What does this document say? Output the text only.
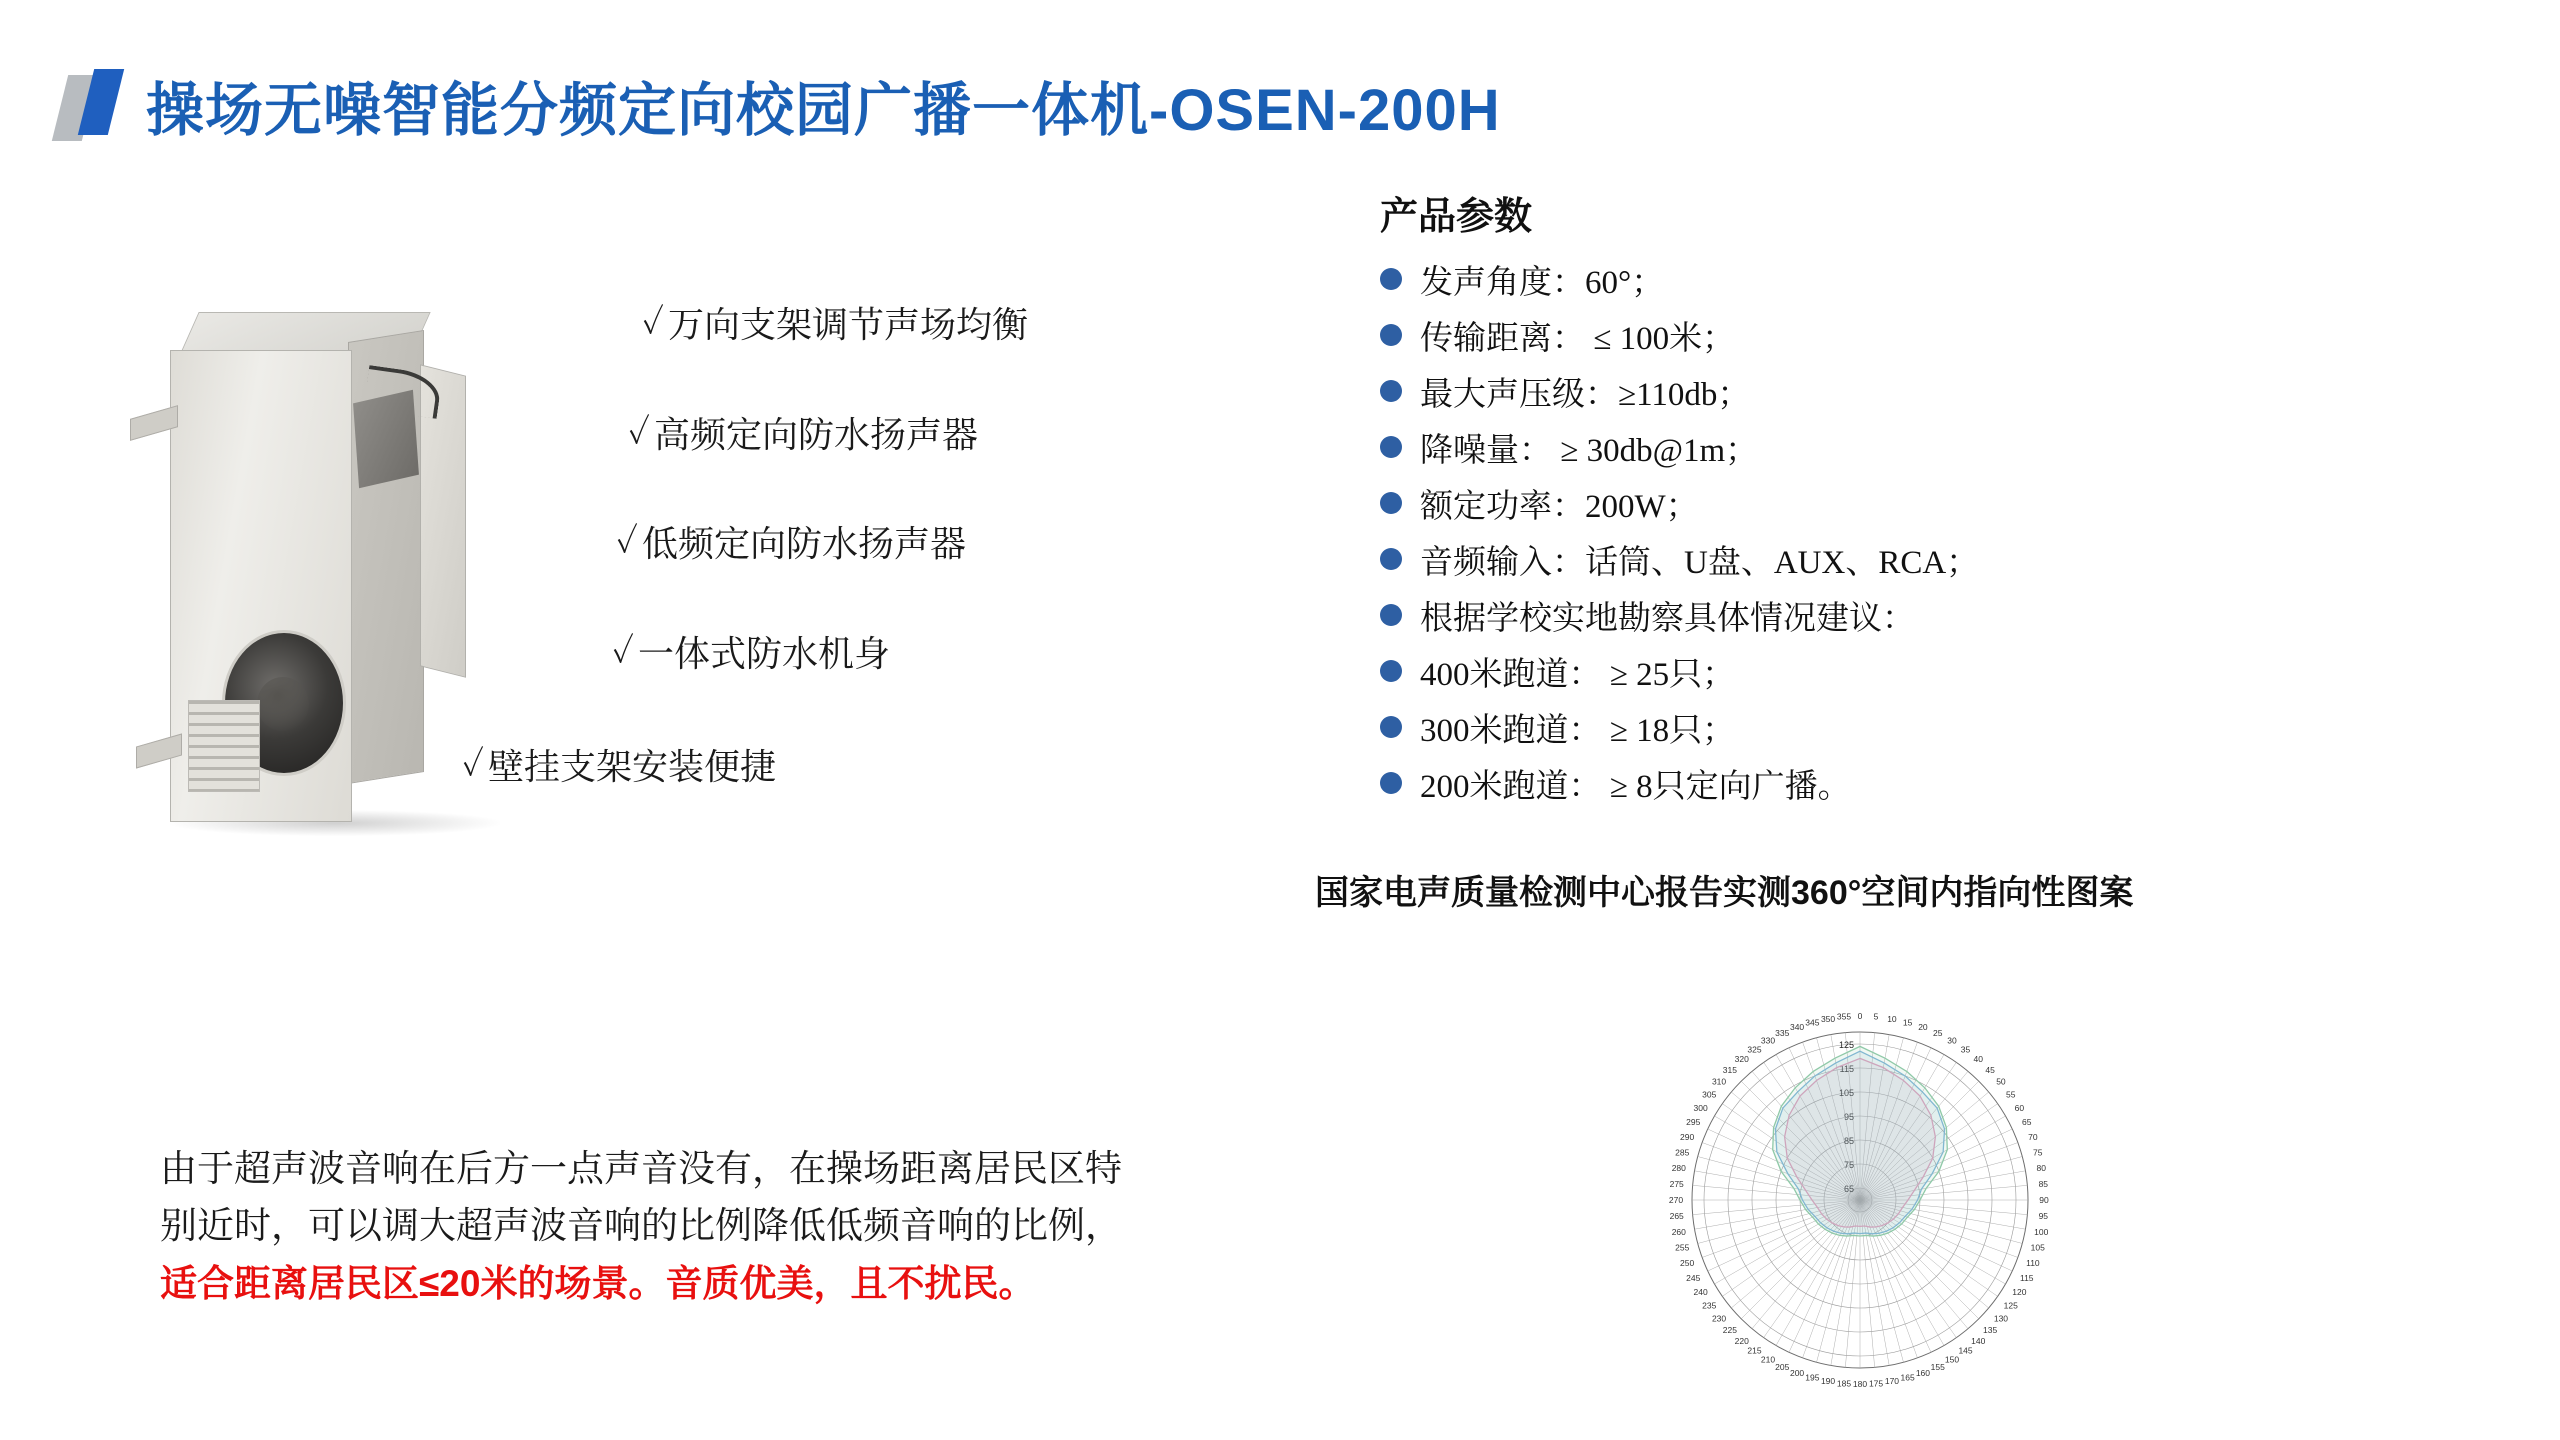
操场无噪智能分频定向校园广播一体机-OSEN-200H
✓ 万向支架调节声场均衡
✓ 高频定向防水扬声器
✓ 低频定向防水扬声器
✓ 一体式防水机身
✓ 壁挂支架安装便捷
产品参数
发声角度：60°；
传输距离： ≤ 100米；
最大声压级：≥110db；
降噪量： ≥ 30db@1m；
额定功率：200W；
音频输入：话筒、U盘、AUX、RCA；
根据学校实地勘察具体情况建议：
400米跑道： ≥ 25只；
300米跑道： ≥ 18只；
200米跑道： ≥ 8只定向广播。
国家电声质量检测中心报告实测360°空间内指向性图案
0 5 10 15 20
25
30
35
40
45
50
55
60
65
70
75
80
85
90
95
100
105
110
115
120
125
130
135
140
145
150
155
160
165
170
175
180
185
190
195
200
205
210
215
220
225
230
235
240
245
250
255
260
265
270
275
280
285
290
295
300
305
310
315
320
325
330
335
340 345 350 355
125
由于超声波音响在后方一点声音没有，在操场距离居民区特
别近时，可以调大超声波音响的比例降低低频音响的比例，
适合距离居民区≤20米的场景。音质优美，且不扰民。
